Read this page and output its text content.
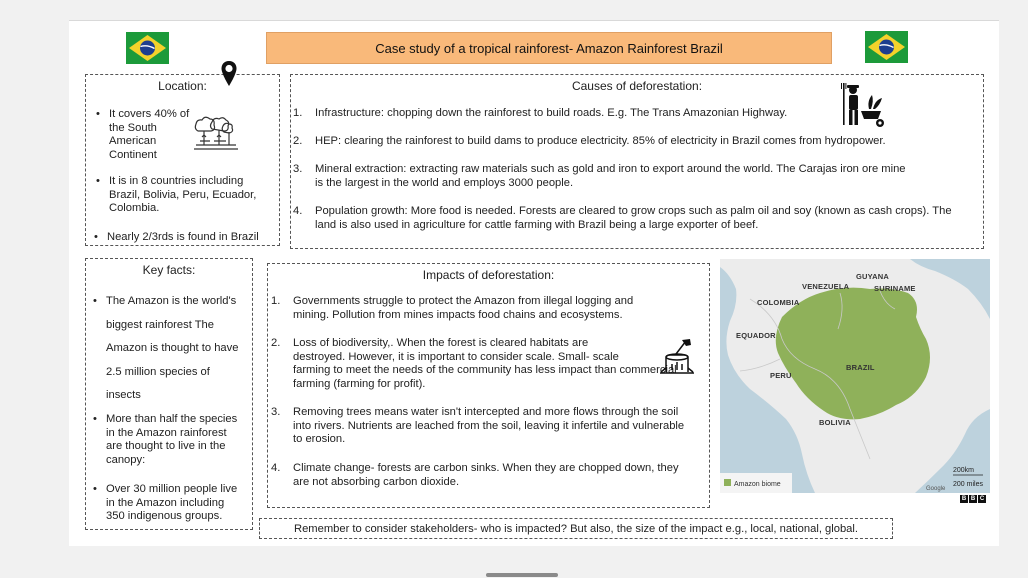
Case study of a tropical rainforest- Amazon Rainforest Brazil
Location:
• It covers 40% of
the South
American
Continent
• It is in 8 countries including
Brazil, Bolivia, Peru, Ecuador,
Colombia.
• Nearly 2/3rds is found in Brazil
Causes of deforestation:
1. Infrastructure: chopping down the rainforest to build roads. E.g. The Trans Amazonian Highway.
2. HEP: clearing the rainforest to build dams to produce electricity. 85% of electricity in Brazil comes from hydropower.
3. Mineral extraction: extracting raw materials such as gold and iron to export around the world. The Carajas iron ore mine
is the largest in the world and employs 3000 people.
4. Population growth: More food is needed. Forests are cleared to grow crops such as palm oil and soy (known as cash crops). The
land is also used in agriculture for cattle farming with Brazil being a large exporter of beef.
Key facts:
• The Amazon is the world's
biggest rainforest The
Amazon is thought to have
2.5 million species of
insects
• More than half the species
in the Amazon rainforest
are thought to live in the
canopy:
• Over 30 million people live
in the Amazon including
350 indigenous groups.
Impacts of deforestation:
1. Governments struggle to protect the Amazon from illegal logging and
mining. Pollution from mines impacts food chains and ecosystems.
2. Loss of biodiversity,. When the forest is cleared habitats are
destroyed. However, it is important to consider scale. Small- scale
farming to meet the needs of the community has less impact than commercial
farming (farming for profit).
3. Removing trees means water isn't intercepted and more flows through the soil
into rivers. Nutrients are leached from the soil, leaving it infertile and vulnerable
to erosion.
4. Climate change- forests are carbon sinks. When they are chopped down, they
are not absorbing carbon dioxide.
VENEZUELA
GUYANA
SURINAME
COLOMBIA
EQUADOR
PERU
BRAZIL
BOLIVIA
Amazon biome
Google
200km
200 miles
B B C
Remember to consider stakeholders- who is impacted? But also, the size of the impact e.g., local, national, global.
